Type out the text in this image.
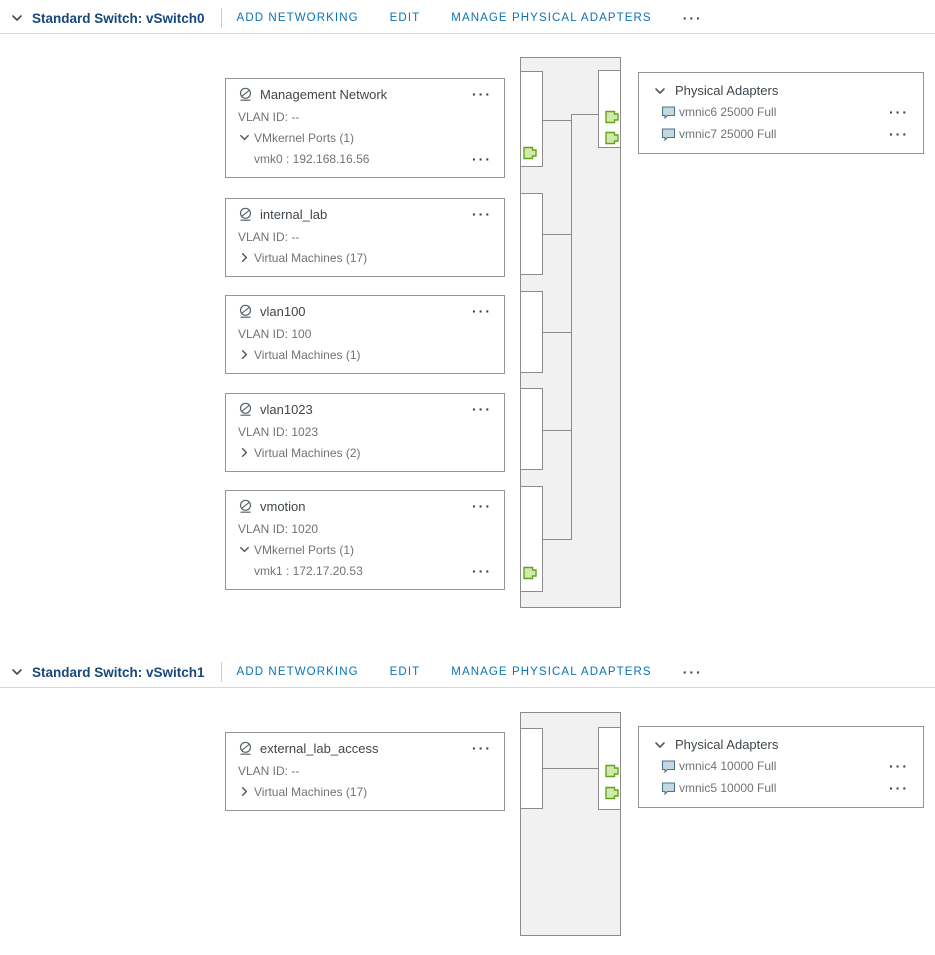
Standard Switch: vSwitch0	ADD NETWORKING	EDIT	MANAGE PHYSICAL ADAPTERS ···
Management Network	···
VLAN ID: --
VMkernel Ports (1)
vmk0 : 192.168.16.56	···
internal_lab	···
VLAN ID: --
Virtual Machines (17)
vlan100	···
VLAN ID: 100
Virtual Machines (1)
vlan1023	···
VLAN ID: 1023
Virtual Machines (2)
vmotion	···
VLAN ID: 1020
VMkernel Ports (1)
vmk1 : 172.17.20.53	···
Physical Adapters
vmnic6 25000 Full	···
vmnic7 25000 Full	···
Standard Switch: vSwitch1	ADD NETWORKING	EDIT	MANAGE PHYSICAL ADAPTERS ···
external_lab_access	···
VLAN ID: --
Virtual Machines (17)
Physical Adapters
vmnic4 10000 Full	···
vmnic5 10000 Full	···
